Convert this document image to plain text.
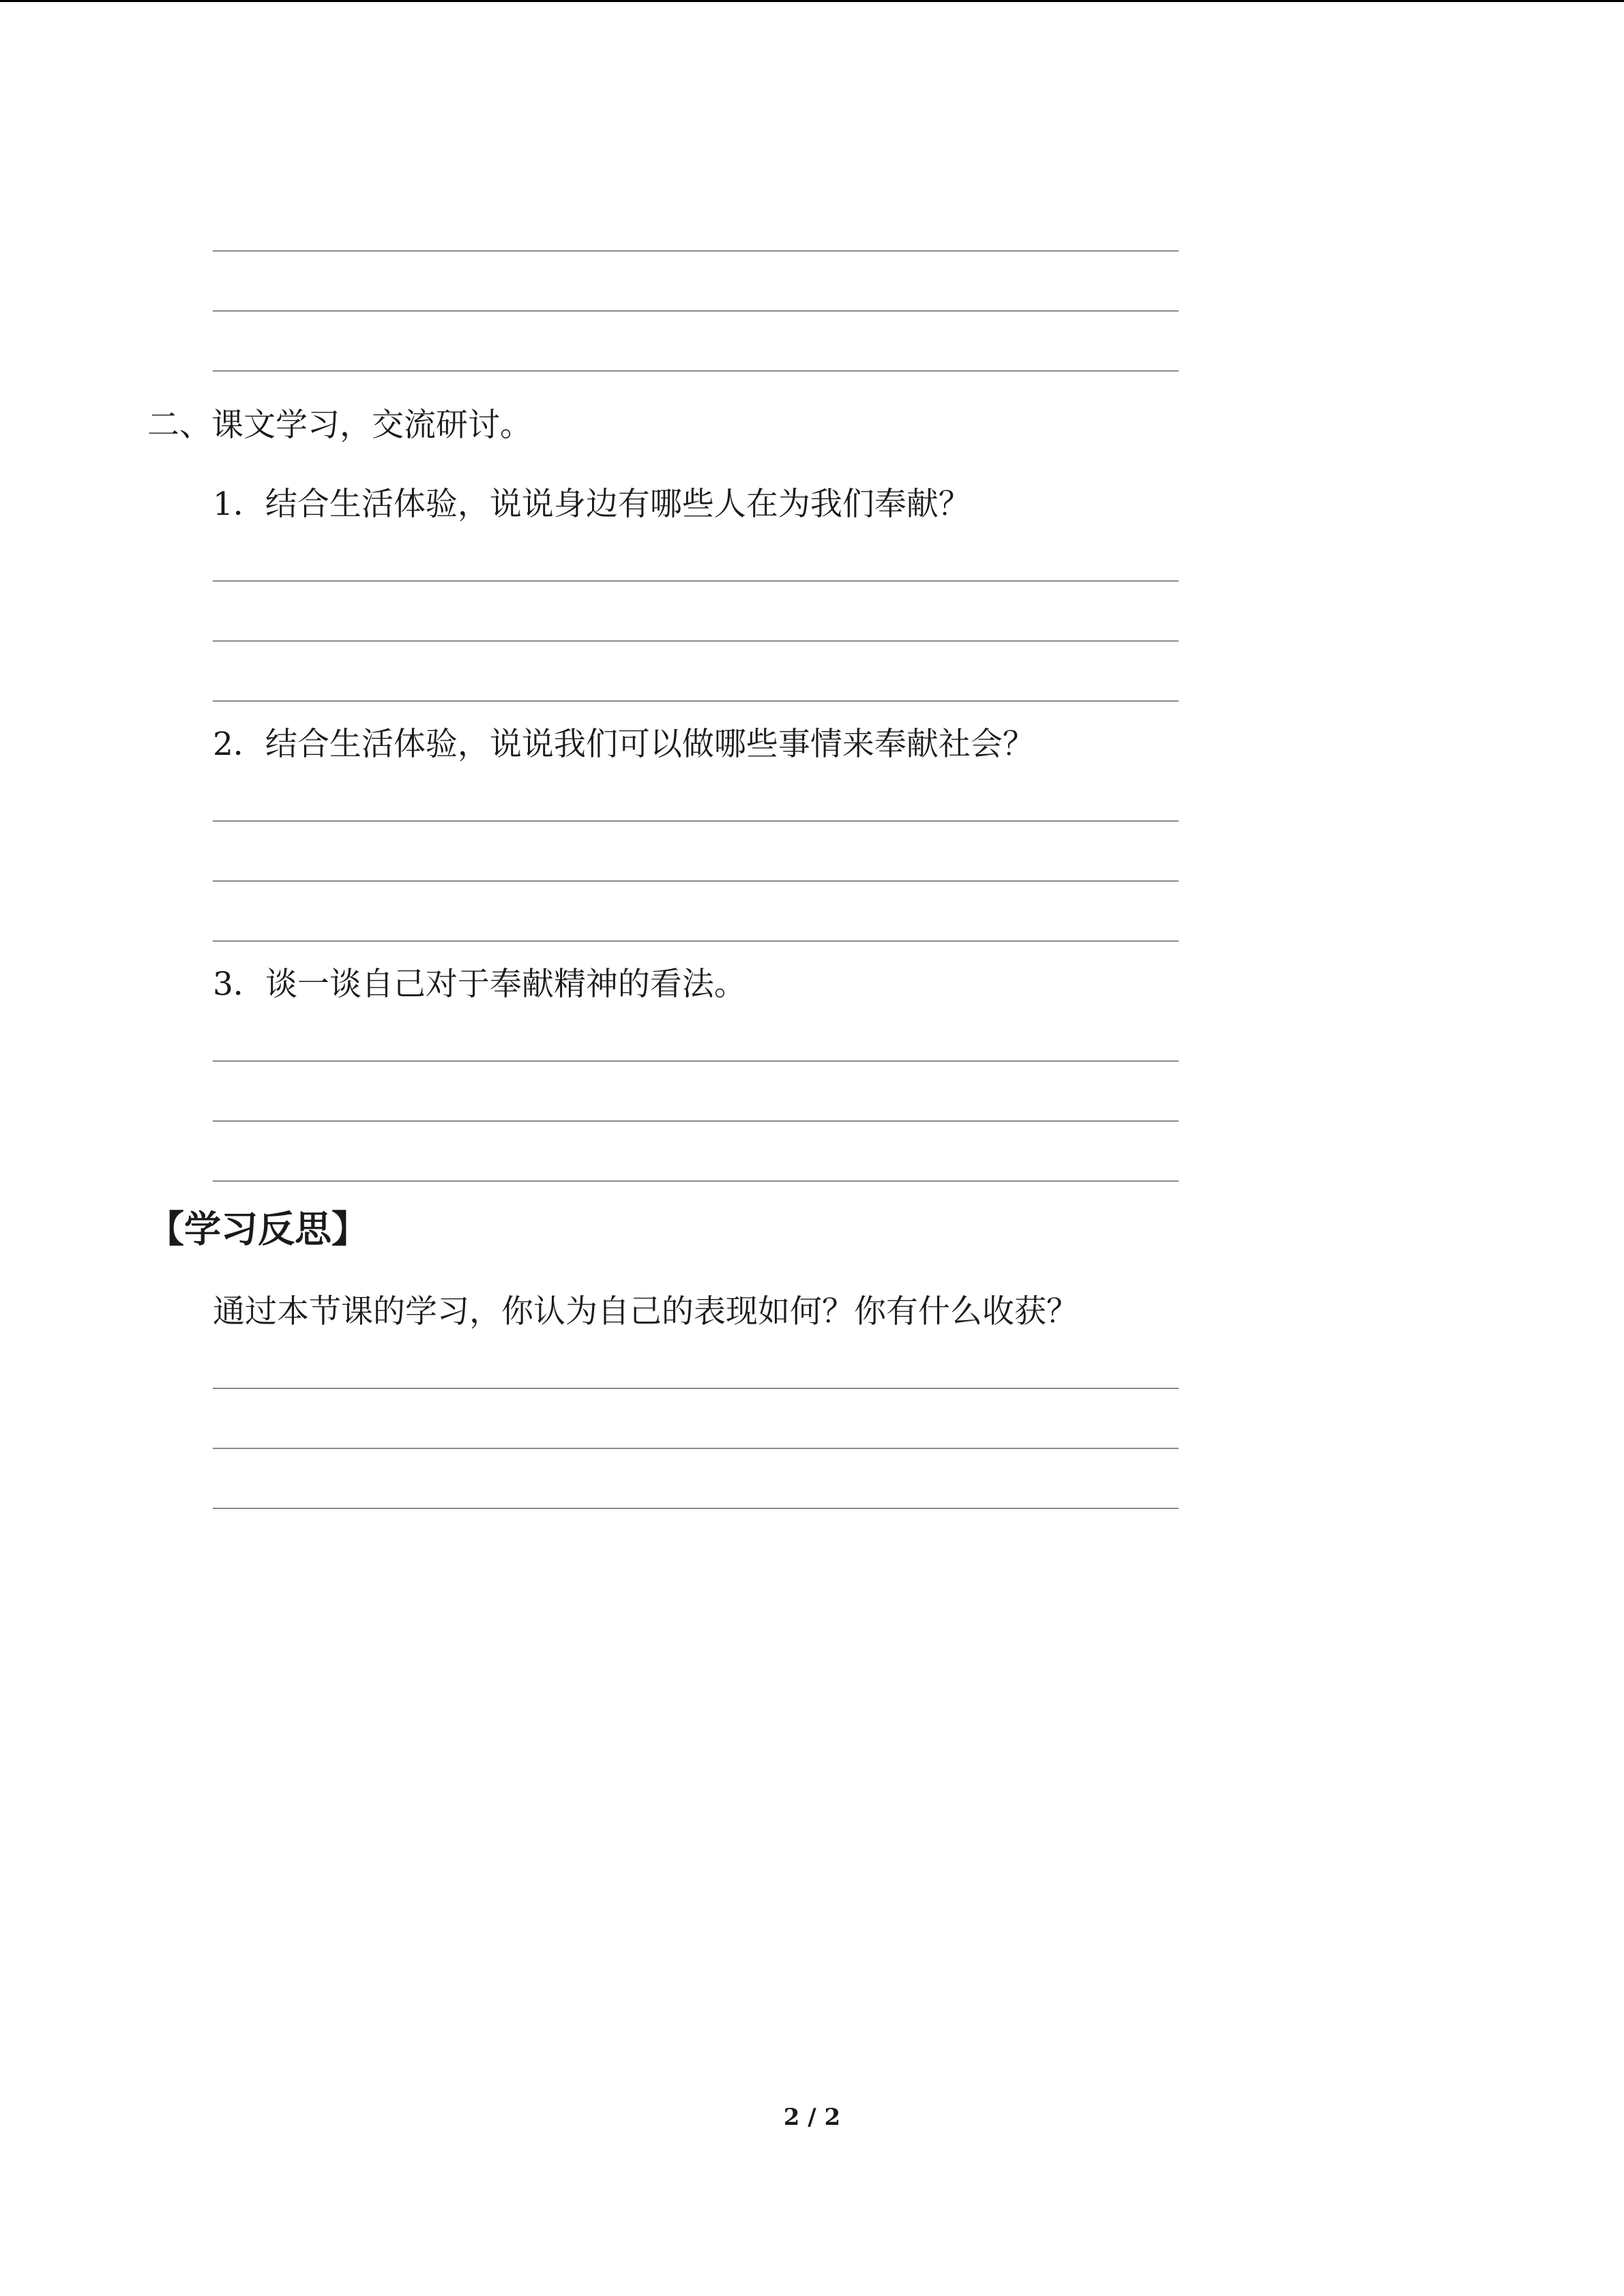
二、课文学习，交流研讨。
1．结合生活体验，说说身边有哪些人在为我们奉献？
2．结合生活体验，说说我们可以做哪些事情来奉献社会？
3．谈一谈自己对于奉献精神的看法。
【学习反思】
通过本节课的学习，你认为自己的表现如何？你有什么收获？
2 / 2
